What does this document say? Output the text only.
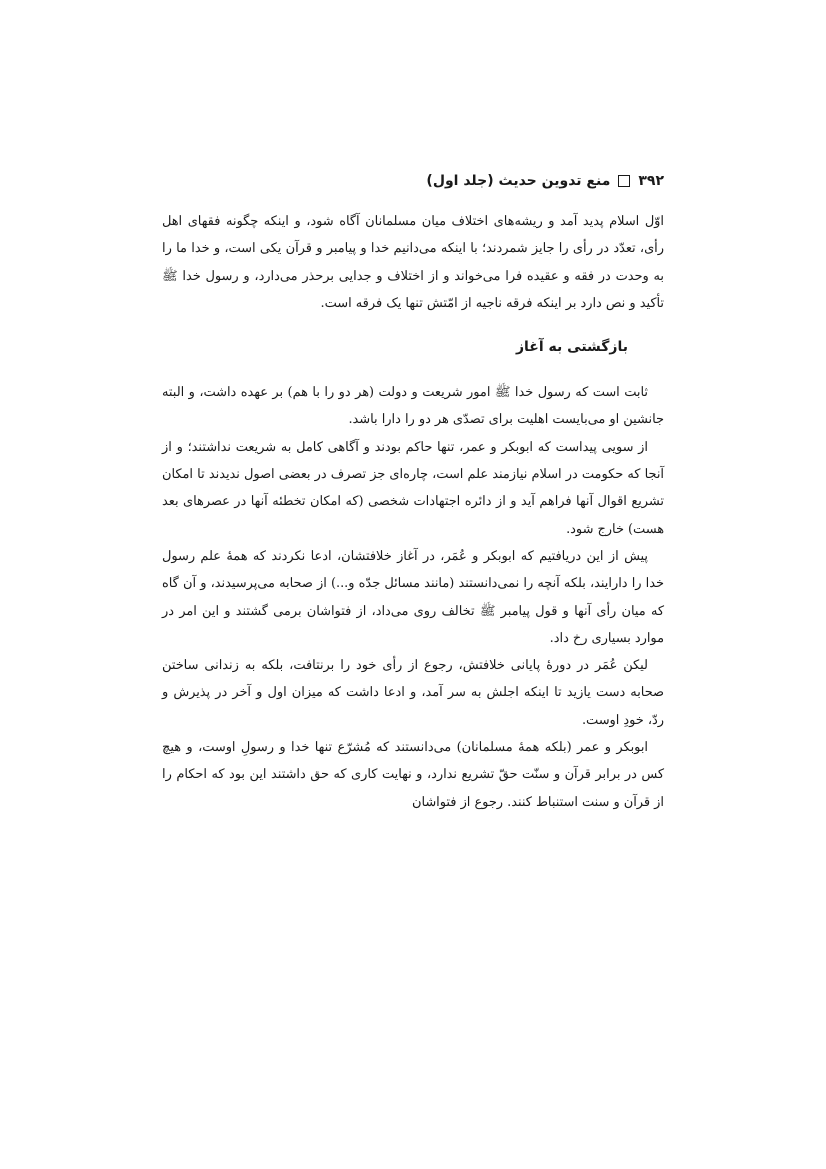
۳۹۲
منع تدوین حدیث (جلد اول)

اوّل اسلام پدید آمد و ریشه‌های اختلاف میان مسلمانان آگاه شود، و اینکه چگونه فقهای اهل رأی، تعدّد در رأی را جایز شمردند؛ با اینکه می‌دانیم خدا و پیامبر و قرآن یکی است، و خدا ما را به وحدت در فقه و عقیده فرا می‌خواند و از اختلاف و جدایی برحذر می‌دارد، و رسول خدا ﷺ تأکید و نص دارد بر اینکه فرقه ناجیه از امّتش تنها یک فرقه است.

بازگشتی به آغاز

ثابت است که رسول خدا ﷺ امور شریعت و دولت (هر دو را با هم) بر عهده داشت، و البته جانشین او می‌بایست اهلیت برای تصدّی هر دو را دارا باشد.

از سویی پیداست که ابوبکر و عمر، تنها حاکم بودند و آگاهی کامل به شریعت نداشتند؛ و از آنجا که حکومت در اسلام نیازمند علم است، چاره‌ای جز تصرف در بعضی اصول ندیدند تا امکان تشریع اقوال آنها فراهم آید و از دائره اجتهادات شخصی (که امکان تخطئه آنها در عصرهای بعد هست) خارج شود.

پیش از این دریافتیم که ابوبکر و عُمَر، در آغاز خلافتشان، ادعا نکردند که همهٔ علم رسول خدا را دارایند، بلکه آنچه را نمی‌دانستند (مانند مسائل جدّه و...) از صحابه می‌پرسیدند، و آن گاه که میان رأی آنها و قول پیامبر ﷺ تخالف روی می‌داد، از فتواشان برمی گشتند و این امر در موارد بسیاری رخ داد.

لیکن عُمَر در دورهٔ پایانی خلافتش، رجوع از رأی خود را برنتافت، بلکه به زندانی ساختن صحابه دست یازید تا اینکه اجلش به سر آمد، و ادعا داشت که میزان اول و آخر در پذیرش و ردّ، خودِ اوست.

ابوبکر و عمر (بلکه همهٔ مسلمانان) می‌دانستند که مُشرّع تنها خدا و رسولِ اوست، و هیچ کس در برابر قرآن و سنّت حقّ تشریع ندارد، و نهایت کاری که حق داشتند این بود که احکام را از قرآن و سنت استنباط کنند. رجوع از فتواشان
